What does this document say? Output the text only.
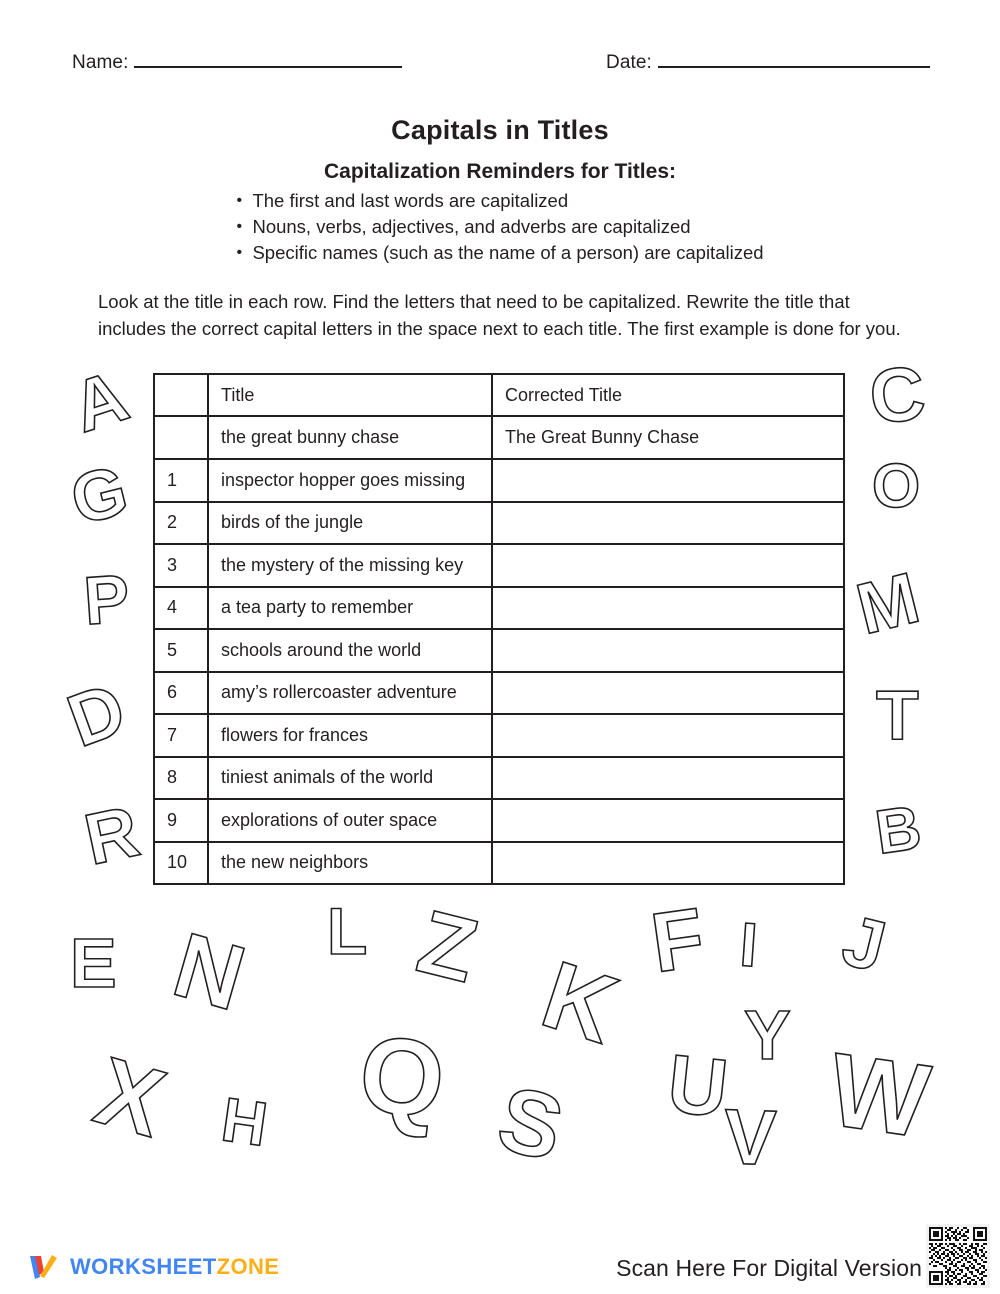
Name:	Date:
Capitals in Titles
Capitalization Reminders for Titles:
• The first and last words are capitalized
• Nouns, verbs, adjectives, and adverbs are capitalized
• Specific names (such as the name of a person) are capitalized
Look at the title in each row. Find the letters that need to be capitalized. Rewrite the title that includes the correct capital letters in the space next to each title. The first example is done for you.
	Title	Corrected Title
	the great bunny chase	The Great Bunny Chase
1	inspector hopper goes missing	
2	birds of the jungle	
3	the mystery of the missing key	
4	a tea party to remember	
5	schools around the world	
6	amy’s rollercoaster adventure	
7	flowers for frances	
8	tiniest animals of the world	
9	explorations of outer space	
10	the new neighbors	
A
G
P
D
R
C
O
M
T
B
E N L Z K
F I J
X H Q S U
Y
V W
WORKSHEETZONE	Scan Here For Digital Version
